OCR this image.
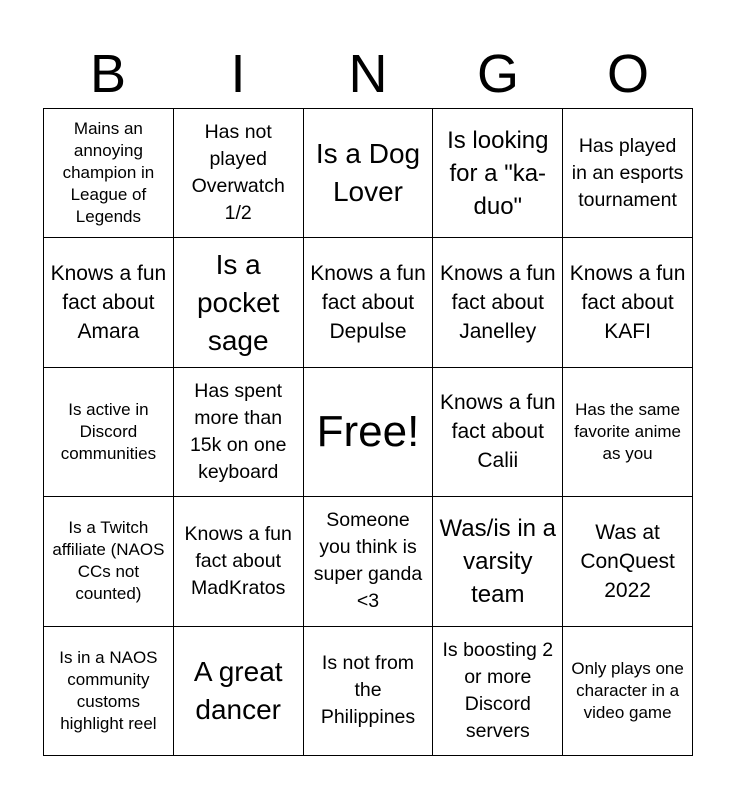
B	I	N	G	O
Mains an annoying champion in League of Legends
Has not played Overwatch 1/2
Is a Dog Lover
Is looking for a "ka-duo"
Has played in an esports tournament
Knows a fun fact about Amara
Is a pocket sage
Knows a fun fact about Depulse
Knows a fun fact about Janelley
Knows a fun fact about KAFI
Is active in Discord communities
Has spent more than 15k on one keyboard
Free!
Knows a fun fact about Calii
Has the same favorite anime as you
Is a Twitch affiliate (NAOS CCs not counted)
Knows a fun fact about MadKratos
Someone you think is super ganda <3
Was/is in a varsity team
Was at ConQuest 2022
Is in a NAOS community customs highlight reel
A great dancer
Is not from the Philippines
Is boosting 2 or more Discord servers
Only plays one character in a video game
